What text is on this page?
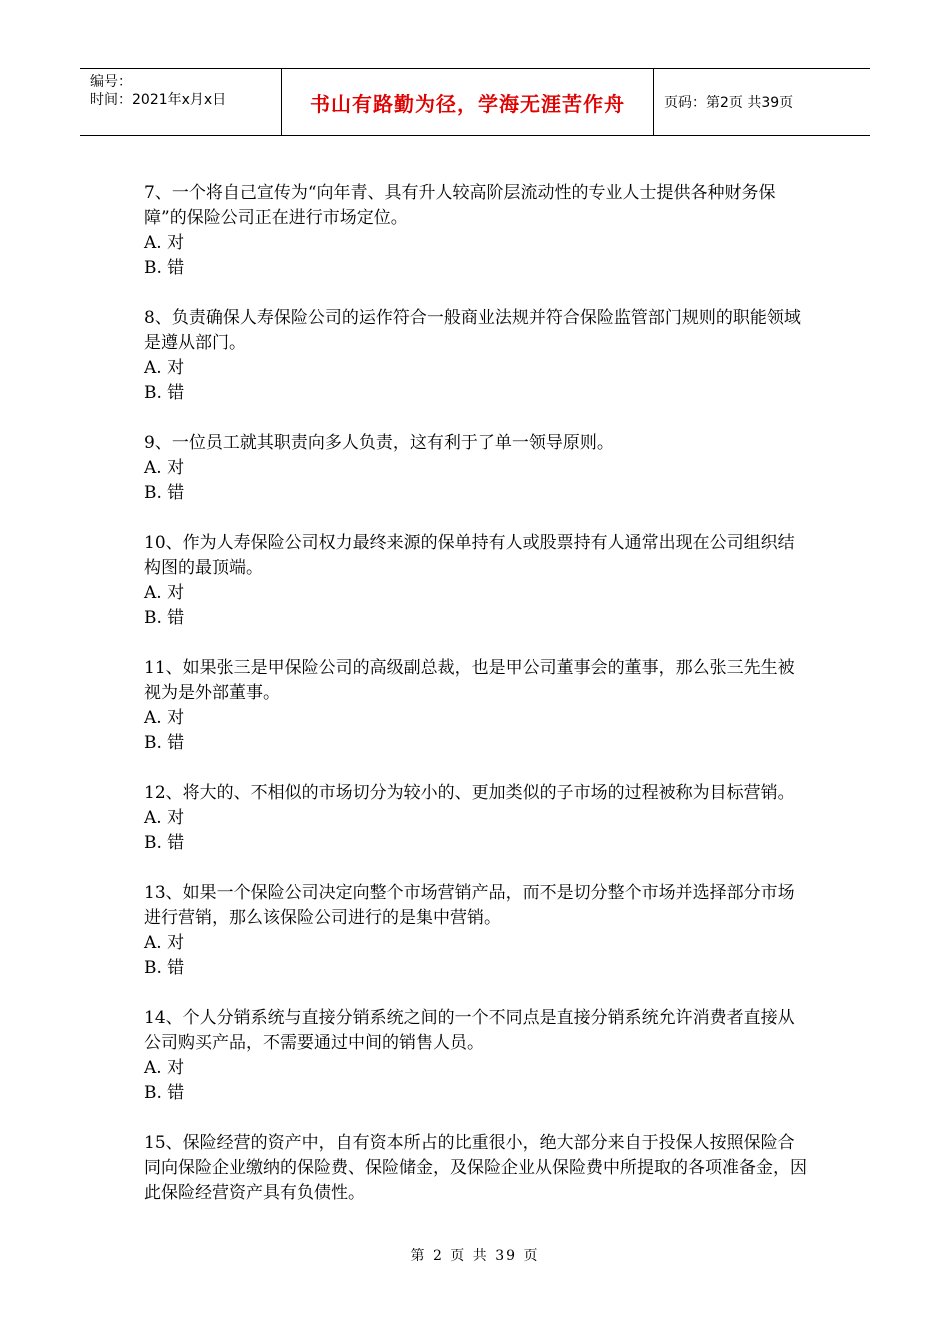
编号：
时间：2021年x月x日	书山有路勤为径，学海无涯苦作舟	页码：第2页 共39页

7、一个将自己宣传为“向年青、具有升人较高阶层流动性的专业人士提供各种财务保障”的保险公司正在进行市场定位。

A. 对

B. 错

8、负责确保人寿保险公司的运作符合一般商业法规并符合保险监管部门规则的职能领域是遵从部门。

A. 对

B. 错

9、一位员工就其职责向多人负责，这有利于了单一领导原则。

A. 对

B. 错

10、作为人寿保险公司权力最终来源的保单持有人或股票持有人通常出现在公司组织结构图的最顶端。

A. 对

B. 错

11、如果张三是甲保险公司的高级副总裁，也是甲公司董事会的董事，那么张三先生被视为是外部董事。

A. 对

B. 错

12、将大的、不相似的市场切分为较小的、更加类似的子市场的过程被称为目标营销。

A. 对

B. 错

13、如果一个保险公司决定向整个市场营销产品，而不是切分整个市场并选择部分市场进行营销，那么该保险公司进行的是集中营销。

A. 对

B. 错

14、个人分销系统与直接分销系统之间的一个不同点是直接分销系统允许消费者直接从公司购买产品，不需要通过中间的销售人员。

A. 对

B. 错

15、保险经营的资产中，自有资本所占的比重很小，绝大部分来自于投保人按照保险合同向保险企业缴纳的保险费、保险储金，及保险企业从保险费中所提取的各项准备金，因此保险经营资产具有负债性。

第 2 页 共 39 页
